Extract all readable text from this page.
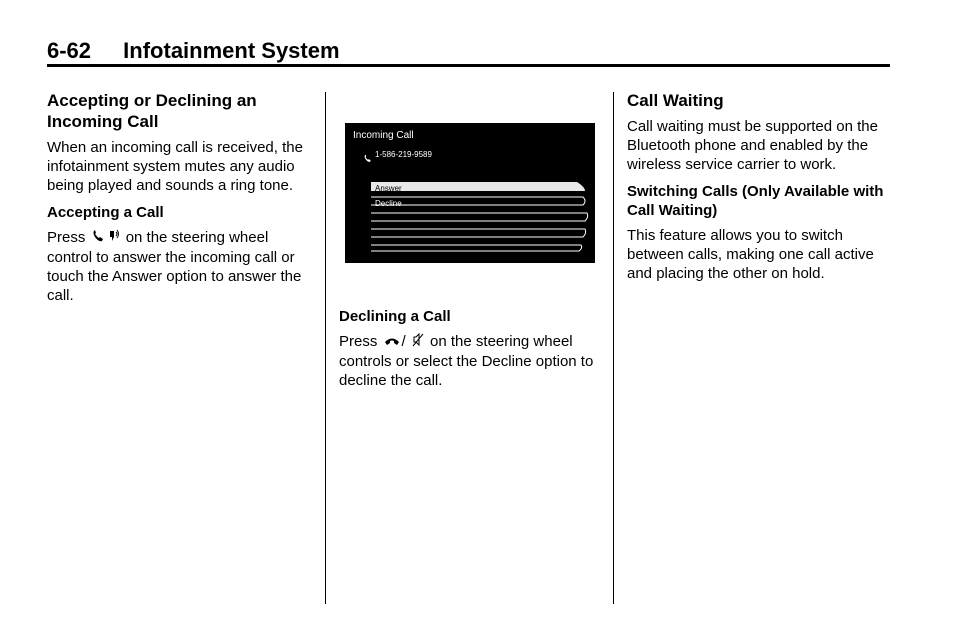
6-62 Infotainment System
Accepting or Declining an Incoming Call

When an incoming call is received, the infotainment system mutes any audio being played and sounds a ring tone.

Accepting a Call

Press	on the steering wheel control to answer the incoming call or touch the Answer option to answer the call.

Incoming Call
1-586-219-9589
Answer
Decline
Declining a Call

Press / on the steering wheel controls or select the Decline option to decline the call.

Call Waiting

Call waiting must be supported on the Bluetooth phone and enabled by the wireless service carrier to work.

Switching Calls (Only Available with Call Waiting)

This feature allows you to switch between calls, making one call active and placing the other on hold.
